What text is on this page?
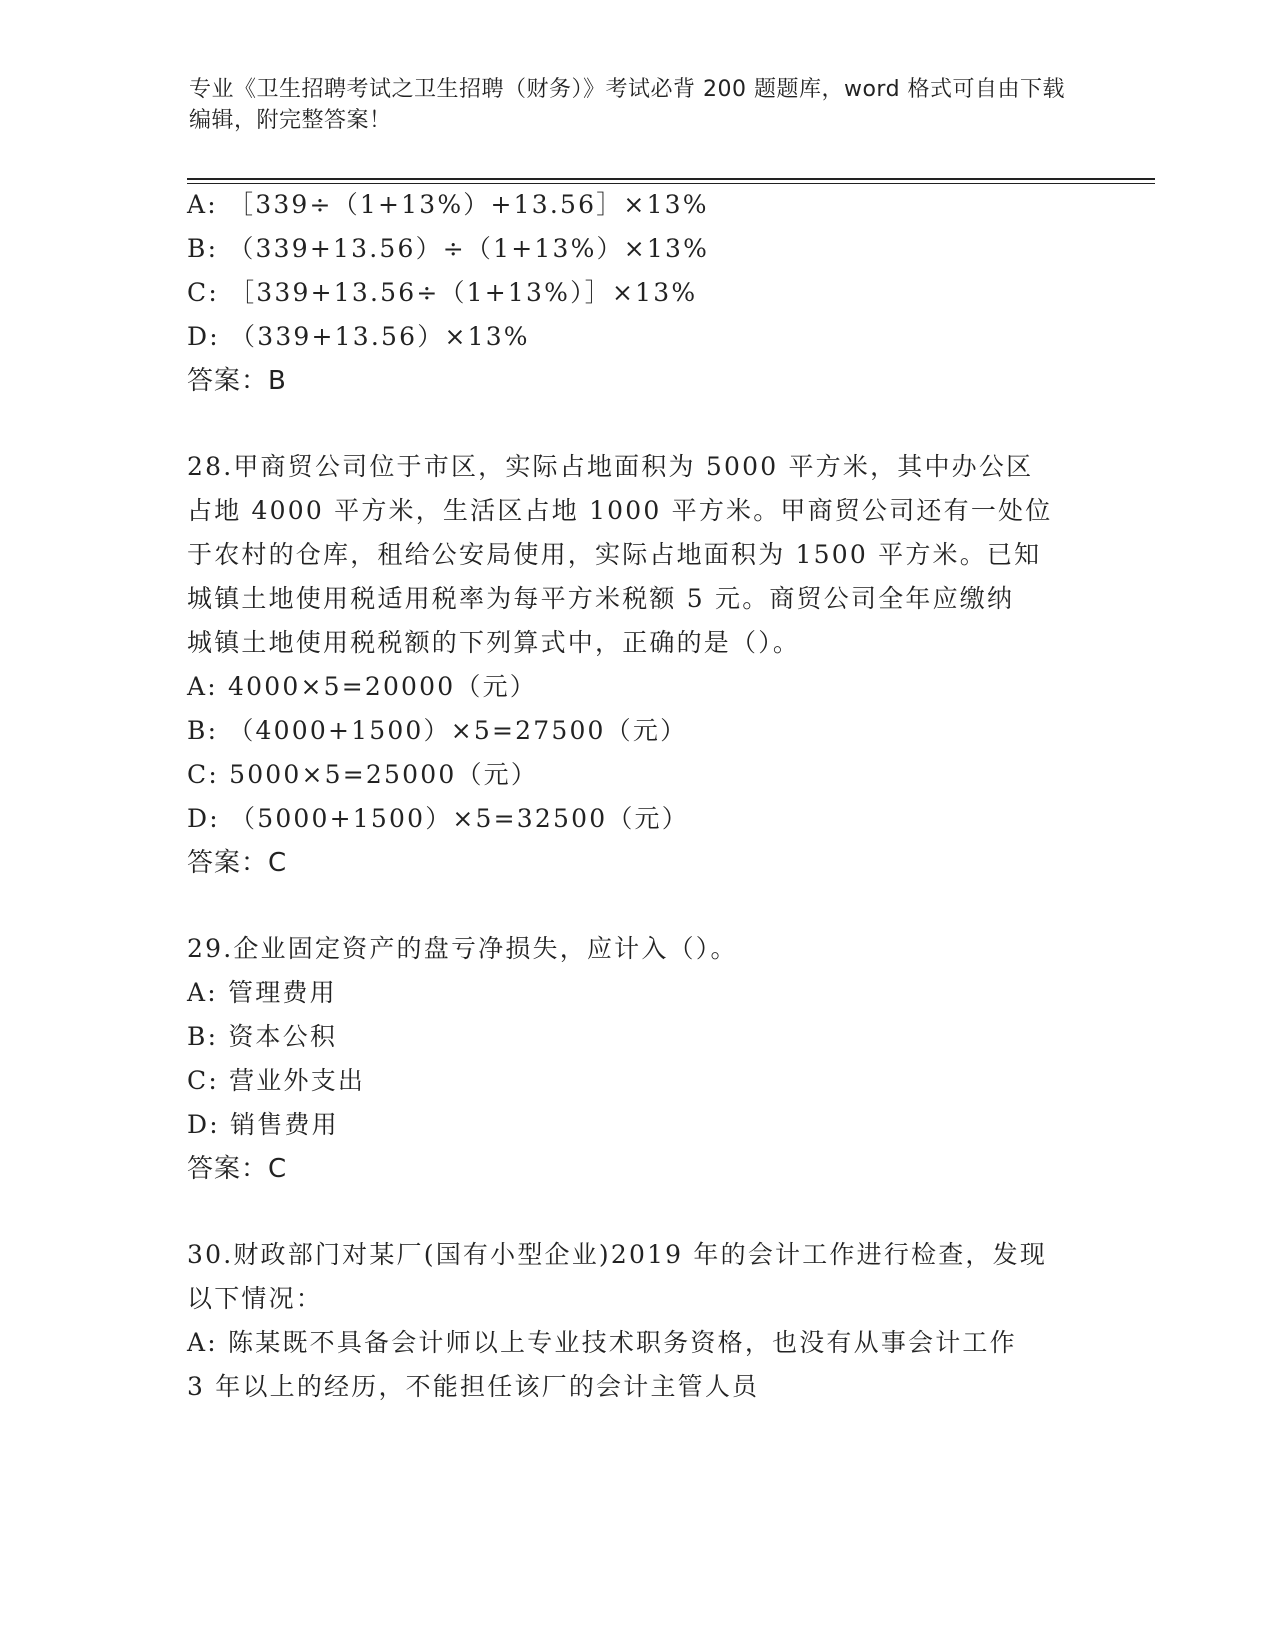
专业《卫生招聘考试之卫生招聘（财务）》考试必背 200 题题库，word 格式可自由下载编辑，附完整答案！
A: ［339÷（1+13%）+13.56］×13%
B: （339+13.56）÷（1+13%）×13%
C: ［339+13.56÷（1+13%）］×13%
D: （339+13.56）×13%
答案：B
28.甲商贸公司位于市区，实际占地面积为 5000 平方米，其中办公区
占地 4000 平方米，生活区占地 1000 平方米。甲商贸公司还有一处位
于农村的仓库，租给公安局使用，实际占地面积为 1500 平方米。已知
城镇土地使用税适用税率为每平方米税额 5 元。商贸公司全年应缴纳
城镇土地使用税税额的下列算式中，正确的是（）。
A: 4000×5=20000（元）
B: （4000+1500）×5=27500（元）
C: 5000×5=25000（元）
D: （5000+1500）×5=32500（元）
答案：C
29.企业固定资产的盘亏净损失，应计入（）。
A: 管理费用
B: 资本公积
C: 营业外支出
D: 销售费用
答案：C
30.财政部门对某厂(国有小型企业)2019 年的会计工作进行检查，发现
以下情况：
A: 陈某既不具备会计师以上专业技术职务资格，也没有从事会计工作
3 年以上的经历，不能担任该厂的会计主管人员
